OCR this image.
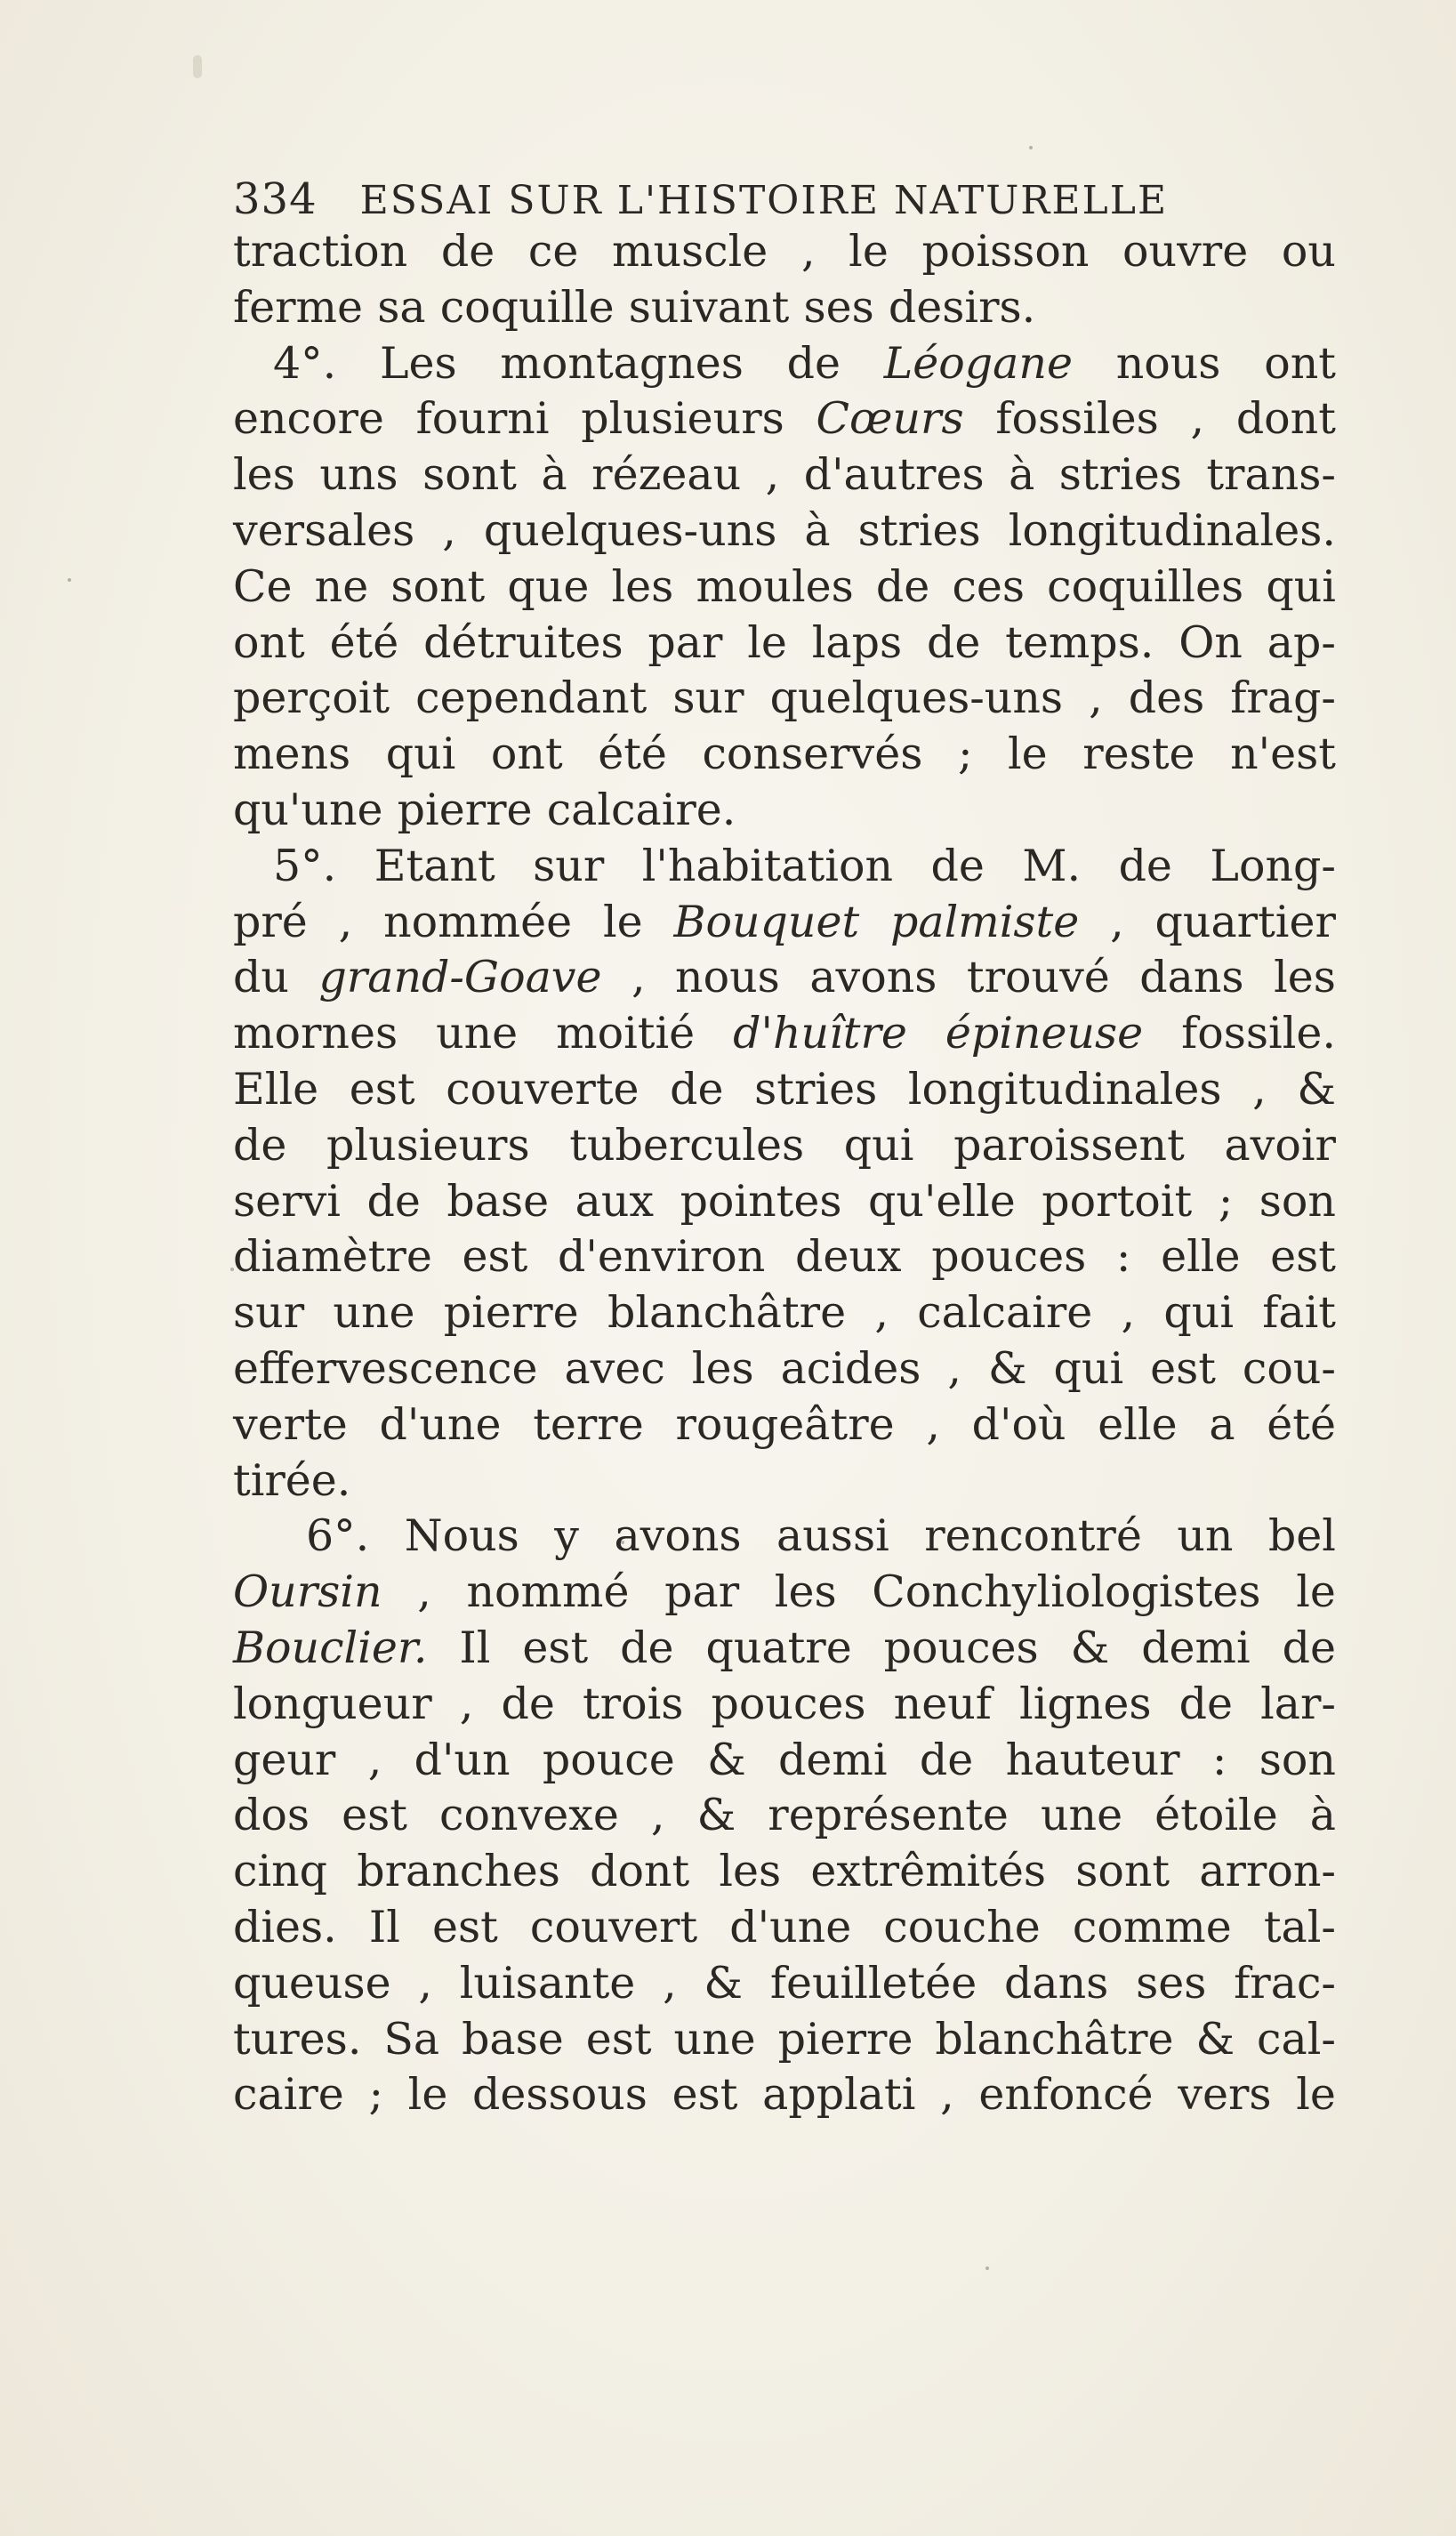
334 ESSAI SUR L'HISTOIRE NATURELLE
traction de ce muscle , le poisson ouvre ou
ferme sa coquille suivant ses desirs.
4°. Les montagnes de Léogane nous ont
encore fourni plusieurs Cœurs fossiles , dont
les uns sont à rézeau , d'autres à stries trans-
versales , quelques-uns à stries longitudinales.
Ce ne sont que les moules de ces coquilles qui
ont été détruites par le laps de temps. On ap-
perçoit cependant sur quelques-uns , des frag-
mens qui ont été conservés ; le reste n'est
qu'une pierre calcaire.
5°. Etant sur l'habitation de M. de Long-
pré , nommée le Bouquet palmiste , quartier
du grand-Goave , nous avons trouvé dans les
mornes une moitié d'huître épineuse fossile.
Elle est couverte de stries longitudinales , &
de plusieurs tubercules qui paroissent avoir
servi de base aux pointes qu'elle portoit ; son
diamètre est d'environ deux pouces : elle est
sur une pierre blanchâtre , calcaire , qui fait
effervescence avec les acides , & qui est cou-
verte d'une terre rougeâtre , d'où elle a été
tirée.
6°. Nous y avons aussi rencontré un bel
Oursin , nommé par les Conchyliologistes le
Bouclier. Il est de quatre pouces & demi de
longueur , de trois pouces neuf lignes de lar-
geur , d'un pouce & demi de hauteur : son
dos est convexe , & représente une étoile à
cinq branches dont les extrêmités sont arron-
dies. Il est couvert d'une couche comme tal-
queuse , luisante , & feuilletée dans ses frac-
tures. Sa base est une pierre blanchâtre & cal-
caire ; le dessous est applati , enfoncé vers le
